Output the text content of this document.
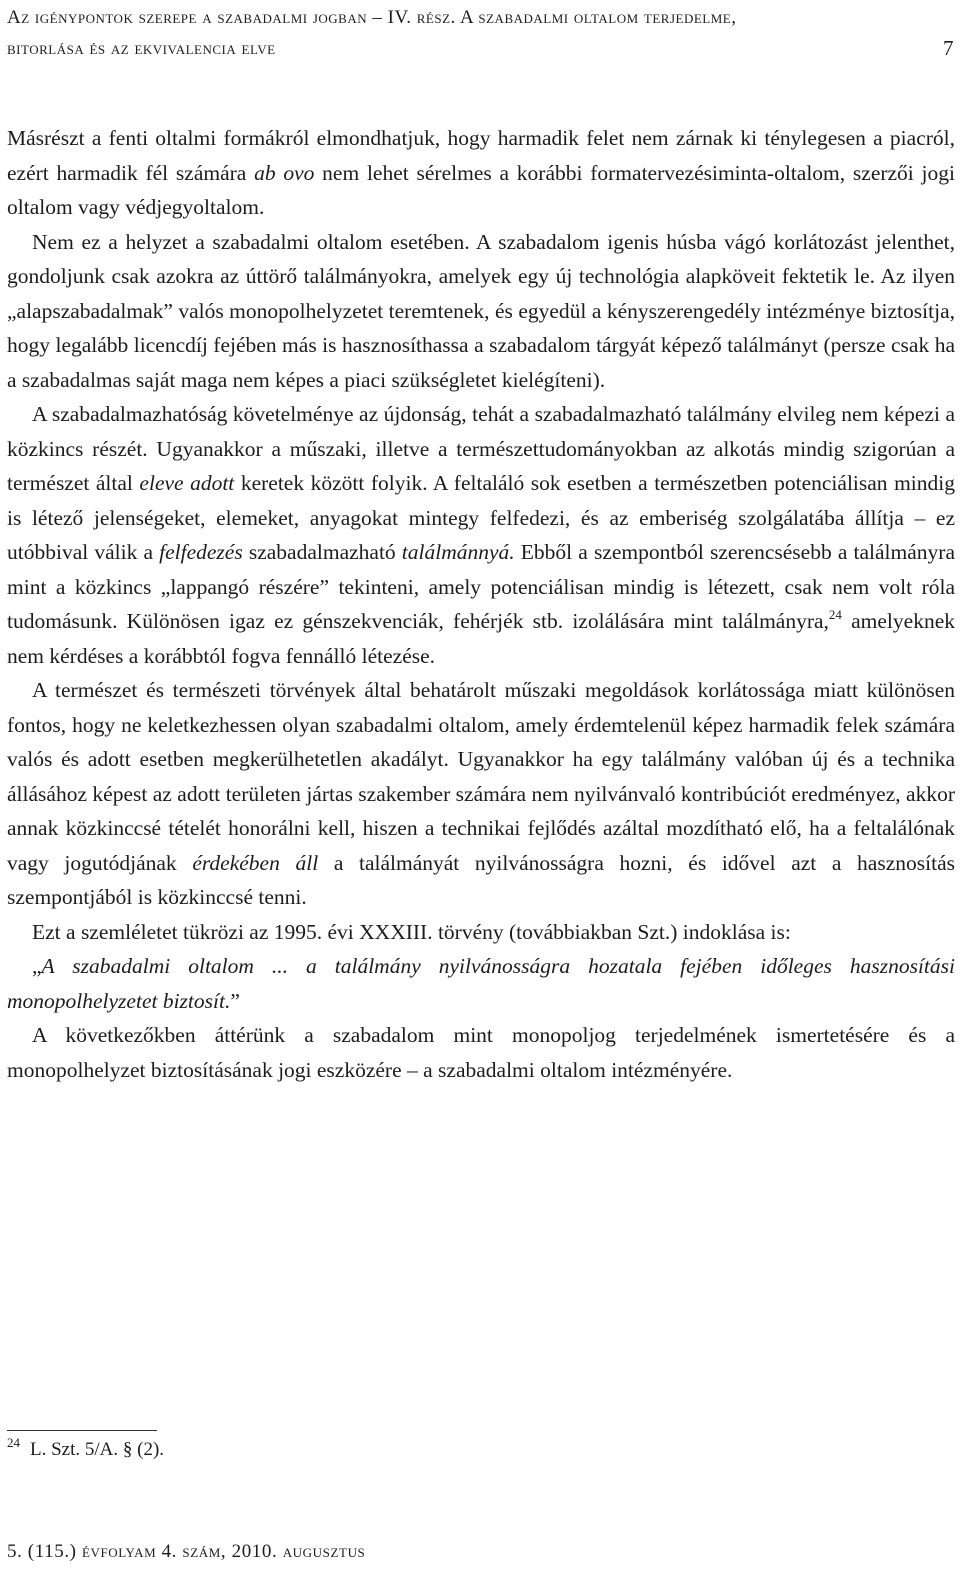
Az igénypontok szerepe a szabadalmi jogban – IV. rész. A szabadalmi oltalom terjedelme,
bitorlása és az ekvivalencia elve	7

Másrészt a fenti oltalmi formákról elmondhatjuk, hogy harmadik felet nem zárnak ki ténylegesen a piacról, ezért harmadik fél számára ab ovo nem lehet sérelmes a korábbi formatervezésiminta-oltalom, szerzői jogi oltalom vagy védjegyoltalom.

Nem ez a helyzet a szabadalmi oltalom esetében. A szabadalom igenis húsba vágó korlátozást jelenthet, gondoljunk csak azokra az úttörő találmányokra, amelyek egy új technológia alapköveit fektetik le. Az ilyen „alapszabadalmak” valós monopolhelyzetet teremtenek, és egyedül a kényszerengedély intézménye biztosítja, hogy legalább licencdíj fejében más is hasznosíthassa a szabadalom tárgyát képező találmányt (persze csak ha a szabadalmas saját maga nem képes a piaci szükségletet kielégíteni).

A szabadalmazhatóság követelménye az újdonság, tehát a szabadalmazható találmány elvileg nem képezi a közkincs részét. Ugyanakkor a műszaki, illetve a természettudományokban az alkotás mindig szigorúan a természet által eleve adott keretek között folyik. A feltaláló sok esetben a természetben potenciálisan mindig is létező jelenségeket, elemeket, anyagokat mintegy felfedezi, és az emberiség szolgálatába állítja – ez utóbbival válik a felfedezés szabadalmazható találmánnyá. Ebből a szempontból szerencsésebb a találmányra mint a közkincs „lappangó részére” tekinteni, amely potenciálisan mindig is létezett, csak nem volt róla tudomásunk. Különösen igaz ez génszekvenciák, fehérjék stb. izolálására mint találmányra,$^{24}$ amelyeknek nem kérdéses a korábbtól fogva fennálló létezése.

A természet és természeti törvények által behatárolt műszaki megoldások korlátossága miatt különösen fontos, hogy ne keletkezhessen olyan szabadalmi oltalom, amely érdemtelenül képez harmadik felek számára valós és adott esetben megkerülhetetlen akadályt. Ugyanakkor ha egy találmány valóban új és a technika állásához képest az adott területen jártas szakember számára nem nyilvánvaló kontribúciót eredményez, akkor annak közkinccsé tételét honorálni kell, hiszen a technikai fejlődés azáltal mozdítható elő, ha a feltalálónak vagy jogutódjának érdekében áll a találmányát nyilvánosságra hozni, és idővel azt a hasznosítás szempontjából is közkinccsé tenni.

Ezt a szemléletet tükrözi az 1995. évi XXXIII. törvény (továbbiakban Szt.) indoklása is:

„A szabadalmi oltalom ... a találmány nyilvánosságra hozatala fejében időleges hasznosítási monopolhelyzetet biztosít.”

A következőkben áttérünk a szabadalom mint monopoljog terjedelmének ismertetésére és a monopolhelyzet biztosításának jogi eszközére – a szabadalmi oltalom intézményére.

$^{24}$ L. Szt. 5/A. § (2).
5. (115.) évfolyam 4. szám, 2010. augusztus
